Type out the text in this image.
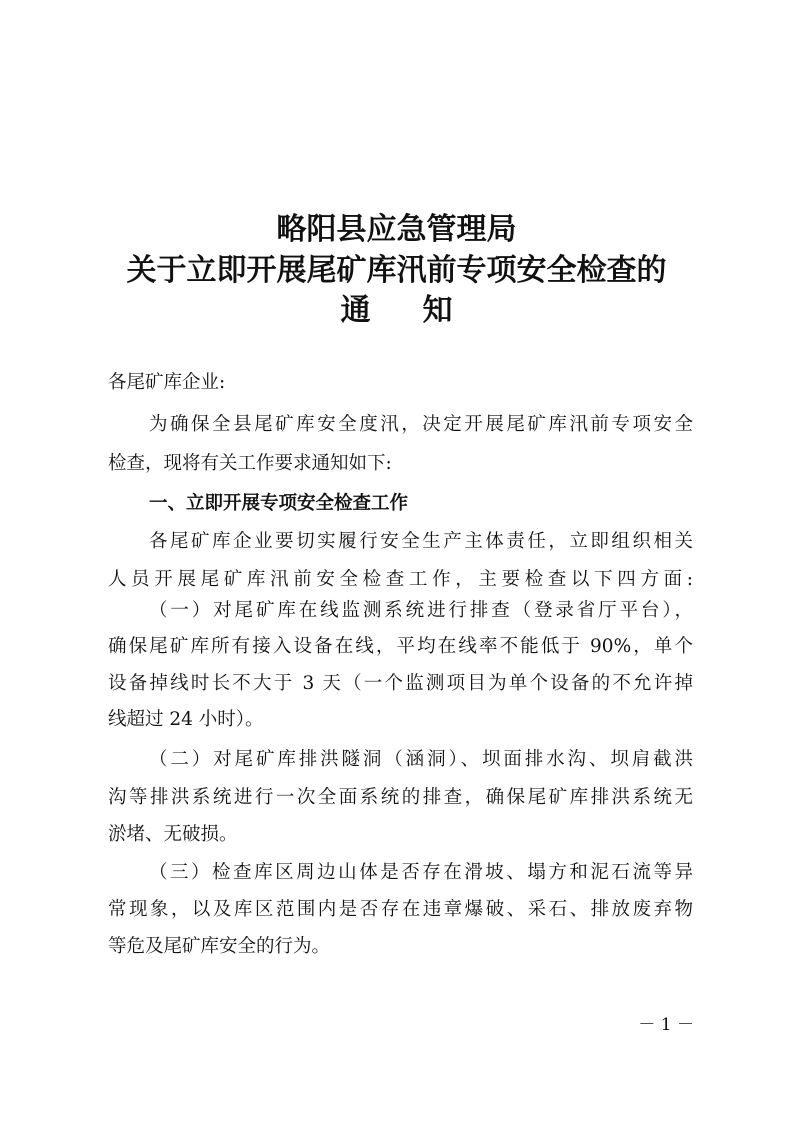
略阳县应急管理局
关于立即开展尾矿库汛前专项安全检查的
通 知

各尾矿库企业:

为确保全县尾矿库安全度汛，决定开展尾矿库汛前专项安全

检查，现将有关工作要求通知如下:

一、立即开展专项安全检查工作

各尾矿库企业要切实履行安全生产主体责任，立即组织相关

人员开展尾矿库汛前安全检查工作，主要检查以下四方面:

（一）对尾矿库在线监测系统进行排查（登录省厅平台），

确保尾矿库所有接入设备在线，平均在线率不能低于 90%，单个

设备掉线时长不大于 3 天（一个监测项目为单个设备的不允许掉

线超过 24 小时）。

（二）对尾矿库排洪隧洞（涵洞）、坝面排水沟、坝肩截洪

沟等排洪系统进行一次全面系统的排查，确保尾矿库排洪系统无

淤堵、无破损。

（三）检查库区周边山体是否存在滑坡、塌方和泥石流等异

常现象，以及库区范围内是否存在违章爆破、采石、排放废弃物

等危及尾矿库安全的行为。

－ 1 －
